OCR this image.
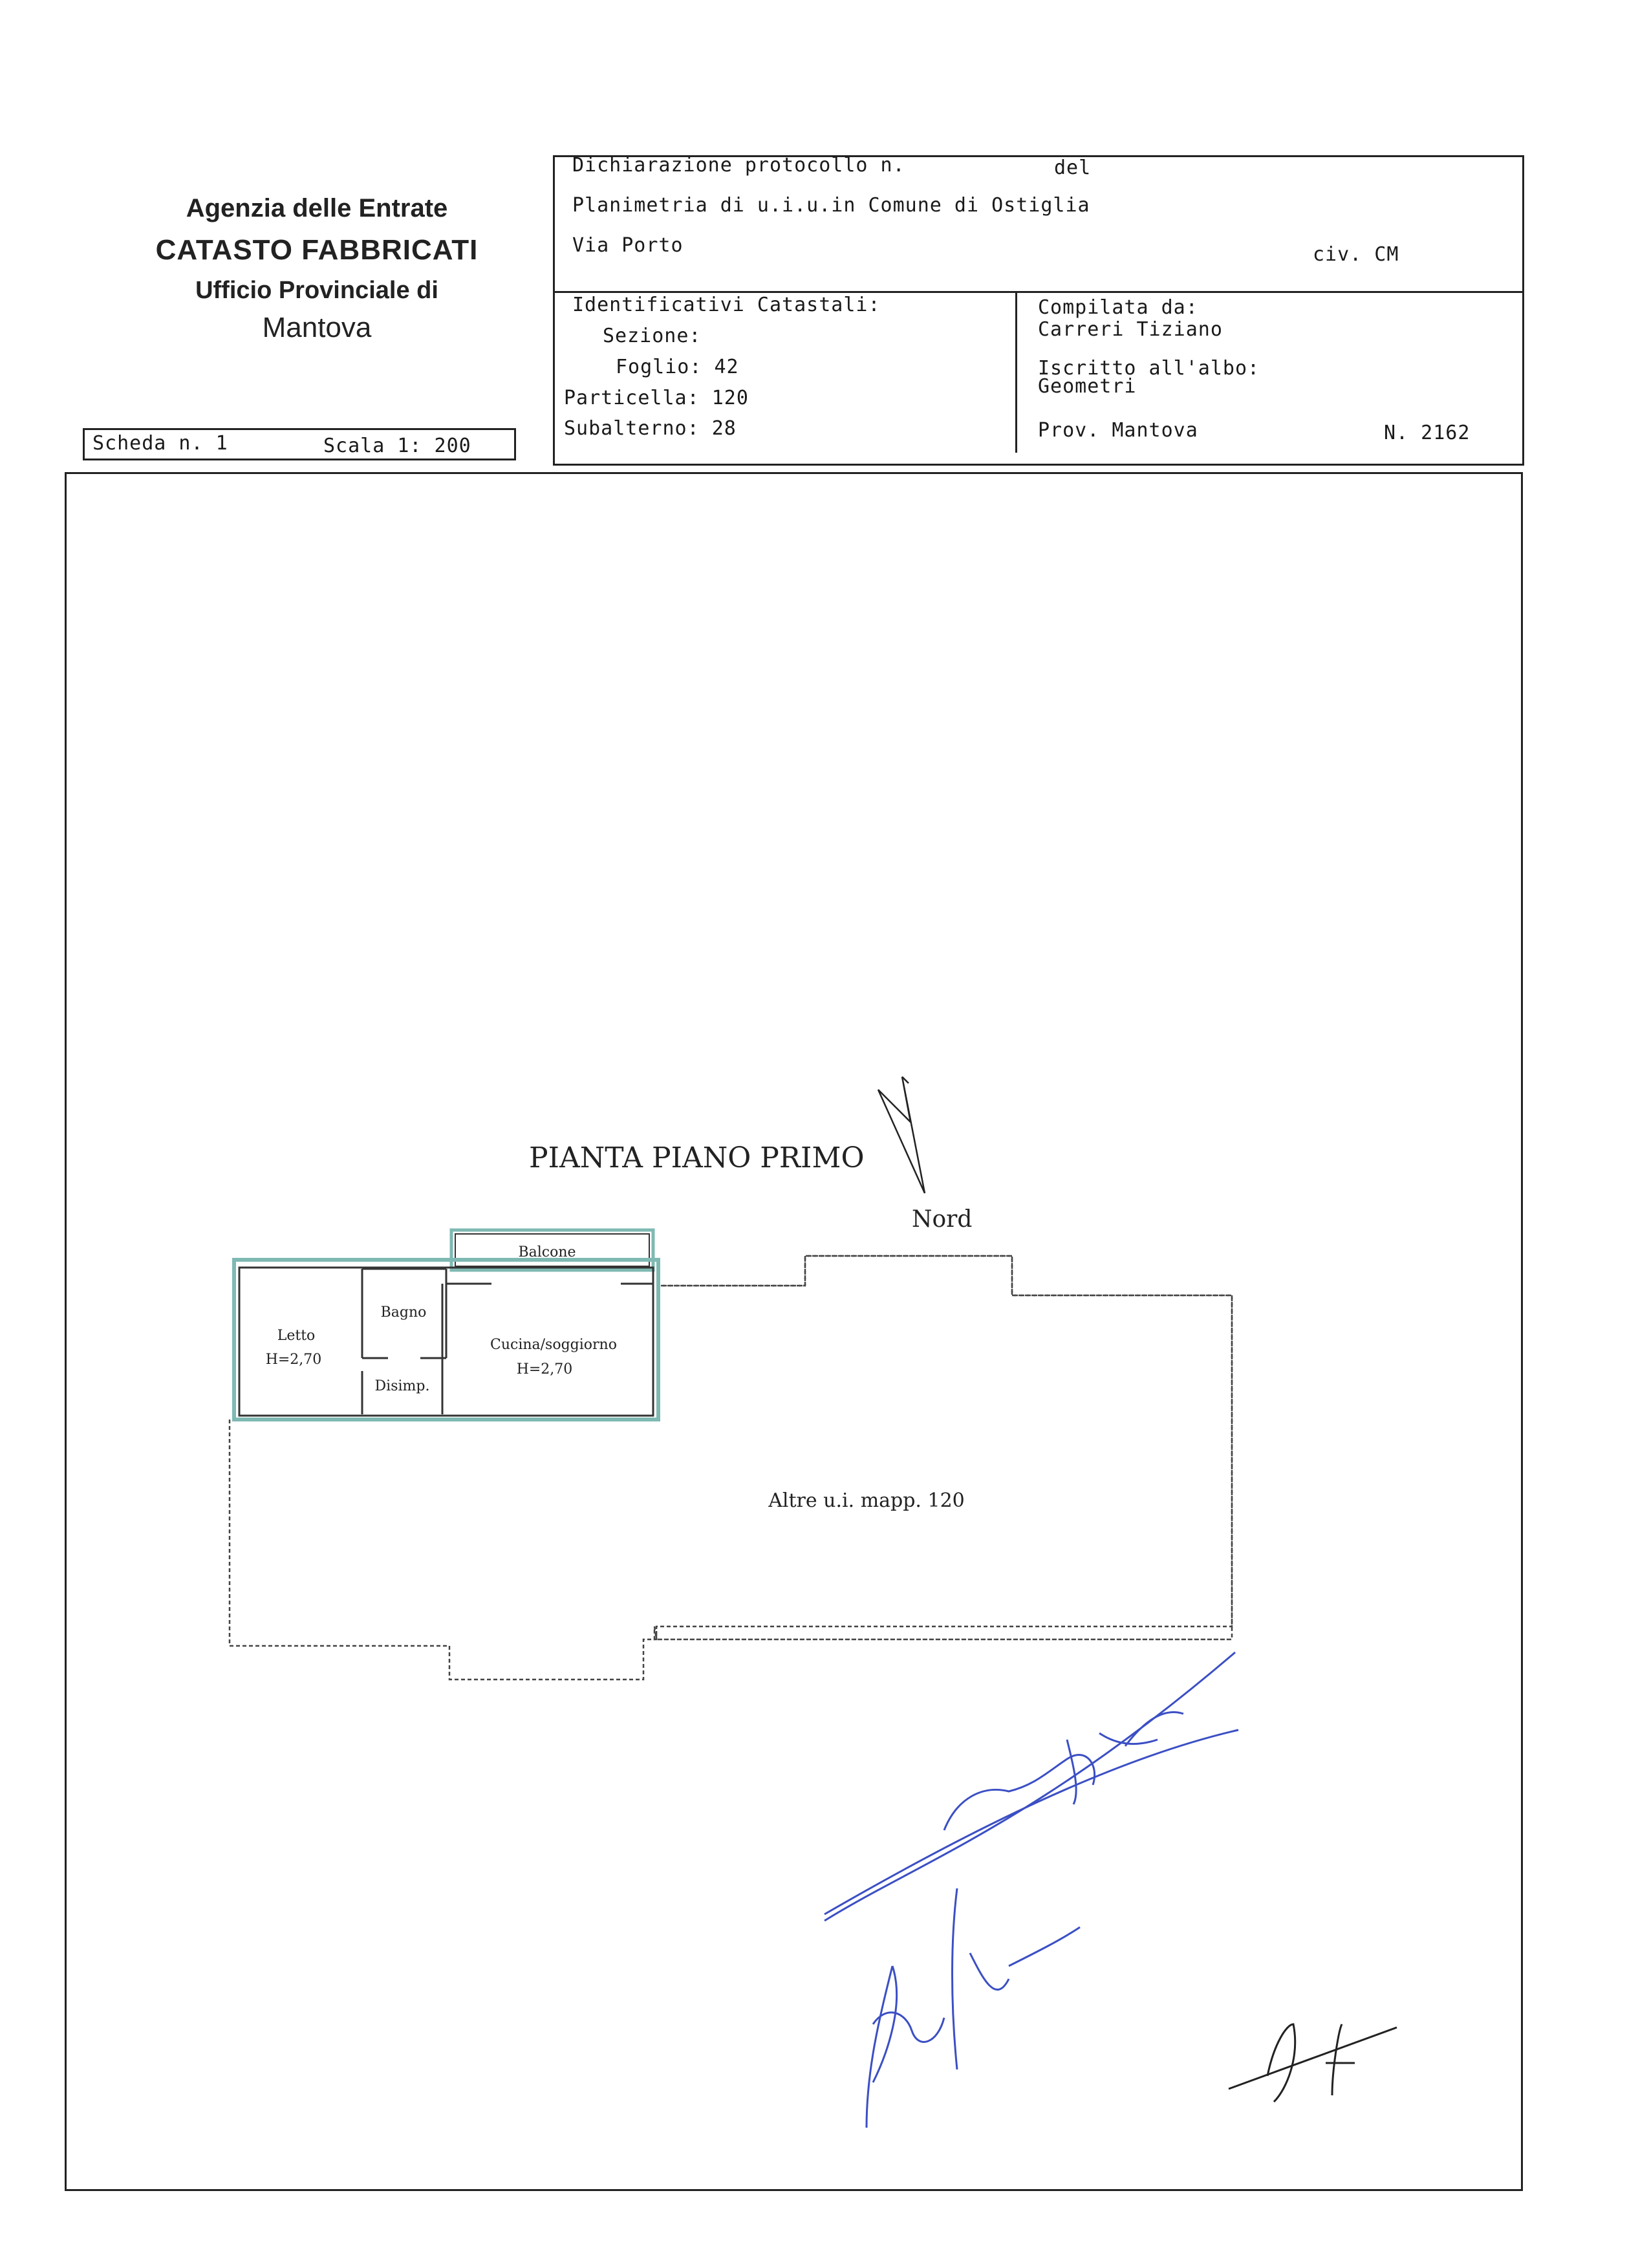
Agenzia delle Entrate
CATASTO FABBRICATI
Ufficio Provinciale di
Mantova
Dichiarazione protocollo n.	del
Planimetria di u.i.u.in Comune di Ostiglia
Via Porto	civ. CM
Identificativi Catastali:
Sezione:
Foglio: 42
Particella: 120
Subalterno: 28
Compilata da:
Carreri Tiziano
Iscritto all'albo:
Geometri
Prov. Mantova	N. 2162
Scheda n. 1	Scala 1: 200
PIANTA PIANO PRIMO
Nord
Letto
H=2,70
Bagno
Cucina/soggiorno
H=2,70
Disimp.
Balcone
Altre u.i. mapp. 120
